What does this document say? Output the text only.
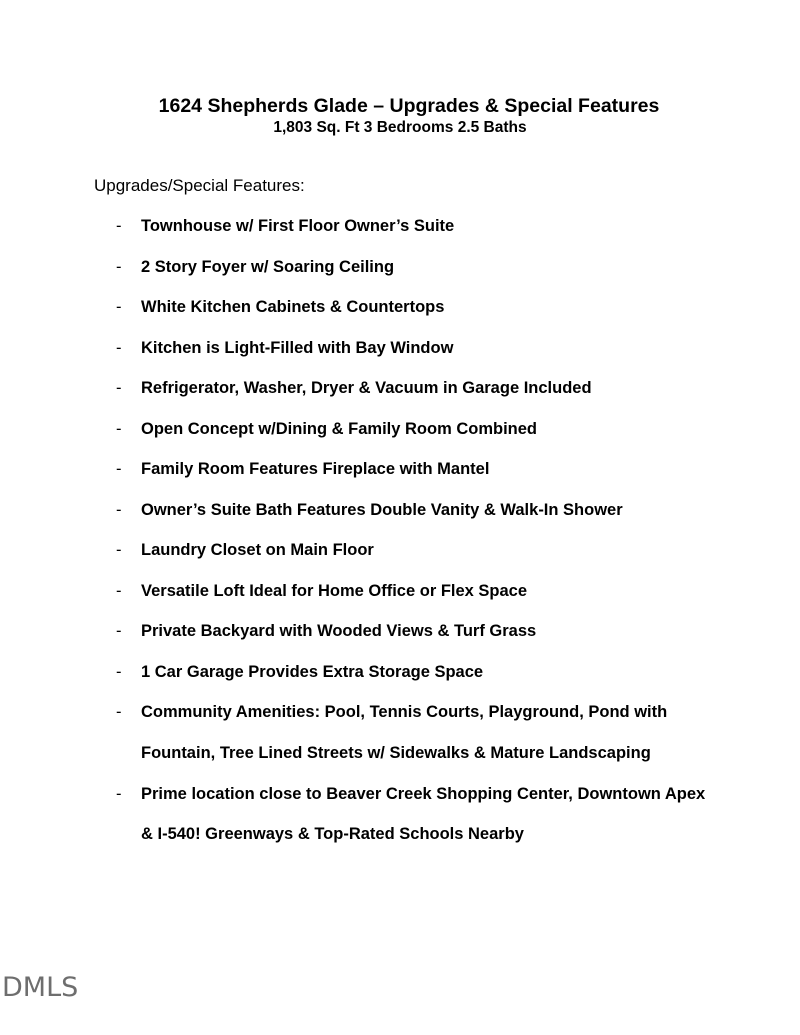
1624 Shepherds Glade – Upgrades & Special Features
1,803 Sq. Ft 3 Bedrooms 2.5 Baths
Upgrades/Special Features:
- Townhouse w/ First Floor Owner’s Suite
- 2 Story Foyer w/ Soaring Ceiling
- White Kitchen Cabinets & Countertops
- Kitchen is Light-Filled with Bay Window
- Refrigerator, Washer, Dryer & Vacuum in Garage Included
- Open Concept w/Dining & Family Room Combined
- Family Room Features Fireplace with Mantel
- Owner’s Suite Bath Features Double Vanity & Walk-In Shower
- Laundry Closet on Main Floor
- Versatile Loft Ideal for Home Office or Flex Space
- Private Backyard with Wooded Views & Turf Grass
- 1 Car Garage Provides Extra Storage Space
- Community Amenities: Pool, Tennis Courts, Playground, Pond with Fountain, Tree Lined Streets w/ Sidewalks & Mature Landscaping
- Prime location close to Beaver Creek Shopping Center, Downtown Apex & I-540! Greenways & Top-Rated Schools Nearby
DMLS
